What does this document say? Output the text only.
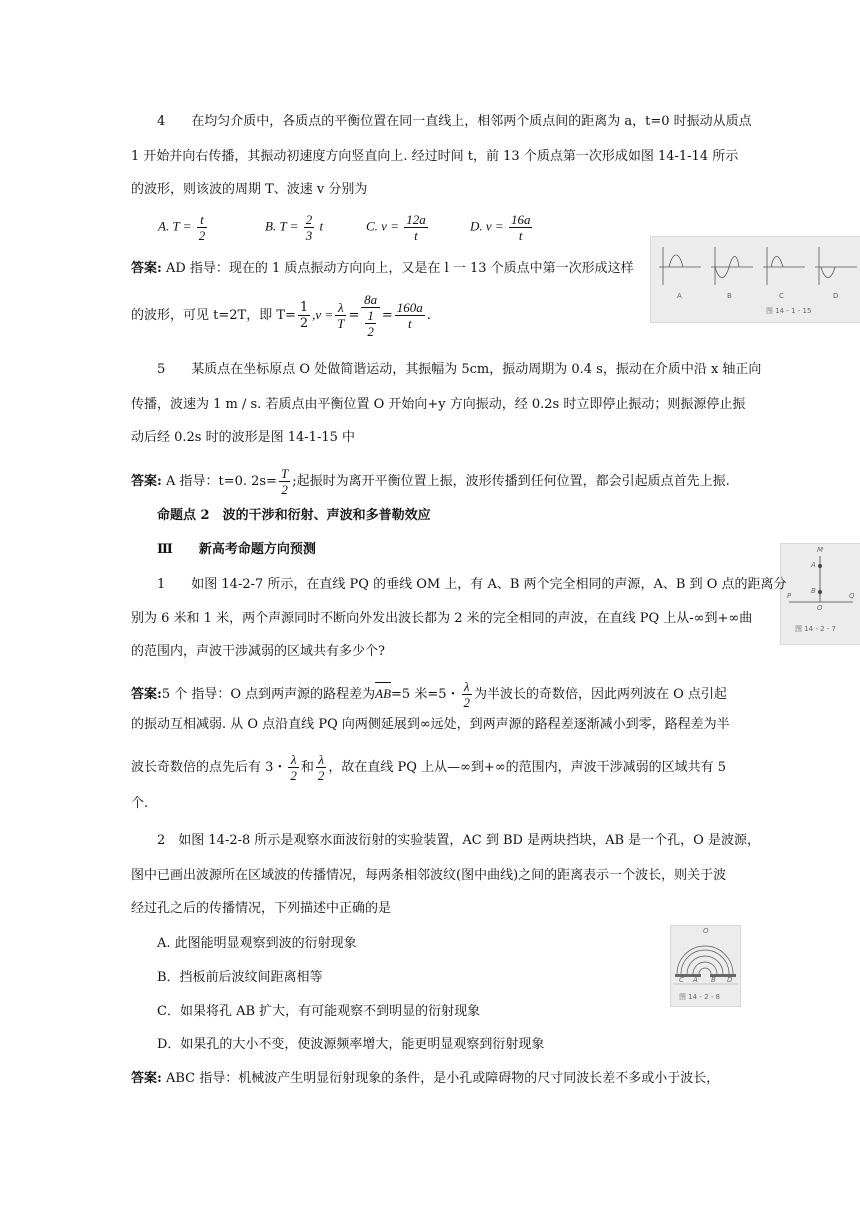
4　　在均匀介质中，各质点的平衡位置在同一直线上，相邻两个质点间的距离为 a，t=0 时振动从质点
1 开始并向右传播，其振动初速度方向竖直向上. 经过时间 t，前 13 个质点第一次形成如图 14-1-14 所示
的波形，则该波的周期 T、波速 v 分别为
A. $T = \frac{t}{2}$	B. $T = \frac{2}{3}$ t	C. $v = \frac{12a}{t}$	D. $v = \frac{16a}{t}$
A	B	C	D
图 14 - 1 - 15
答案: AD 指导：现在的 1 质点振动方向向上，又是在 l 一 13 个质点中第一次形成这样
的波形，可见 t=2T，即 $T= \frac{1}{2} ,v = \frac{\lambda}{T} = \frac{8a}{\frac{1}{2}} = \frac{160a}{t}$ .
5　　某质点在坐标原点 O 处做简谐运动，其振幅为 5cm，振动周期为 0.4 s，振动在介质中沿 x 轴正向
传播，波速为 1 m / s. 若质点由平衡位置 O 开始向+y 方向振动，经 0.2s 时立即停止振动；则振源停止振
动后经 0.2s 时的波形是图 14-1-15 中
答案: A 指导：t=0. $2s= \frac{T}{2}$ ;起振时为离开平衡位置上振，波形传播到任何位置，都会引起质点首先上振.
命题点 2　波的干涉和衍射、声波和多普勒效应
Ⅲ　　新高考命题方向预测	M
A
B
P
O
Q
图 14 - 2 - 7
1　　如图 14-2-7 所示，在直线 PQ 的垂线 OM 上，有 A、B 两个完全相同的声源，A、B 到 O 点的距离分
别为 6 米和 1 米，两个声源同时不断向外发出波长都为 2 米的完全相同的声波，在直线 PQ 上从-∞到+∞曲
的范围内，声波干涉减弱的区域共有多少个?
答案:5 个 指导：O 点到两声源的路程差为
AB=5 米=5・ $\frac{\lambda}{2}$ 为半波长的奇数倍，因此两列波在 O 点引起
的振动互相减弱. 从 O 点沿直线 PQ 向两侧延展到∞远处，到两声源的路程差逐渐减小到零，路程差为半
波长奇数倍的点先后有 3・ $\frac{\lambda}{2}$ 和 $\frac{\lambda}{2}$ ，故在直线 PQ 上从—∞到+∞的范围内，声波干涉减弱的区域共有 5
个.
2　如图 14-2-8 所示是观察水面波衍射的实验装置，AC 到 BD 是两块挡块，AB 是一个孔，O 是波源，
图中已画出波源所在区域波的传播情况，每两条相邻波纹(图中曲线)之间的距离表示一个波长，则关于波
经过孔之后的传播情况，下列描述中正确的是
A. 此图能明显观察到波的衍射现象
B．挡板前后波纹间距离相等
C．如果将孔 AB 扩大，有可能观察不到明显的衍射现象
D．如果孔的大小不变，使波源频率增大，能更明显观察到衍射现象
O
C A B D
图 14 - 2 - 8
答案: ABC 指导：机械波产生明显衍射现象的条件，是小孔或障碍物的尺寸同波长差不多或小于波长，
